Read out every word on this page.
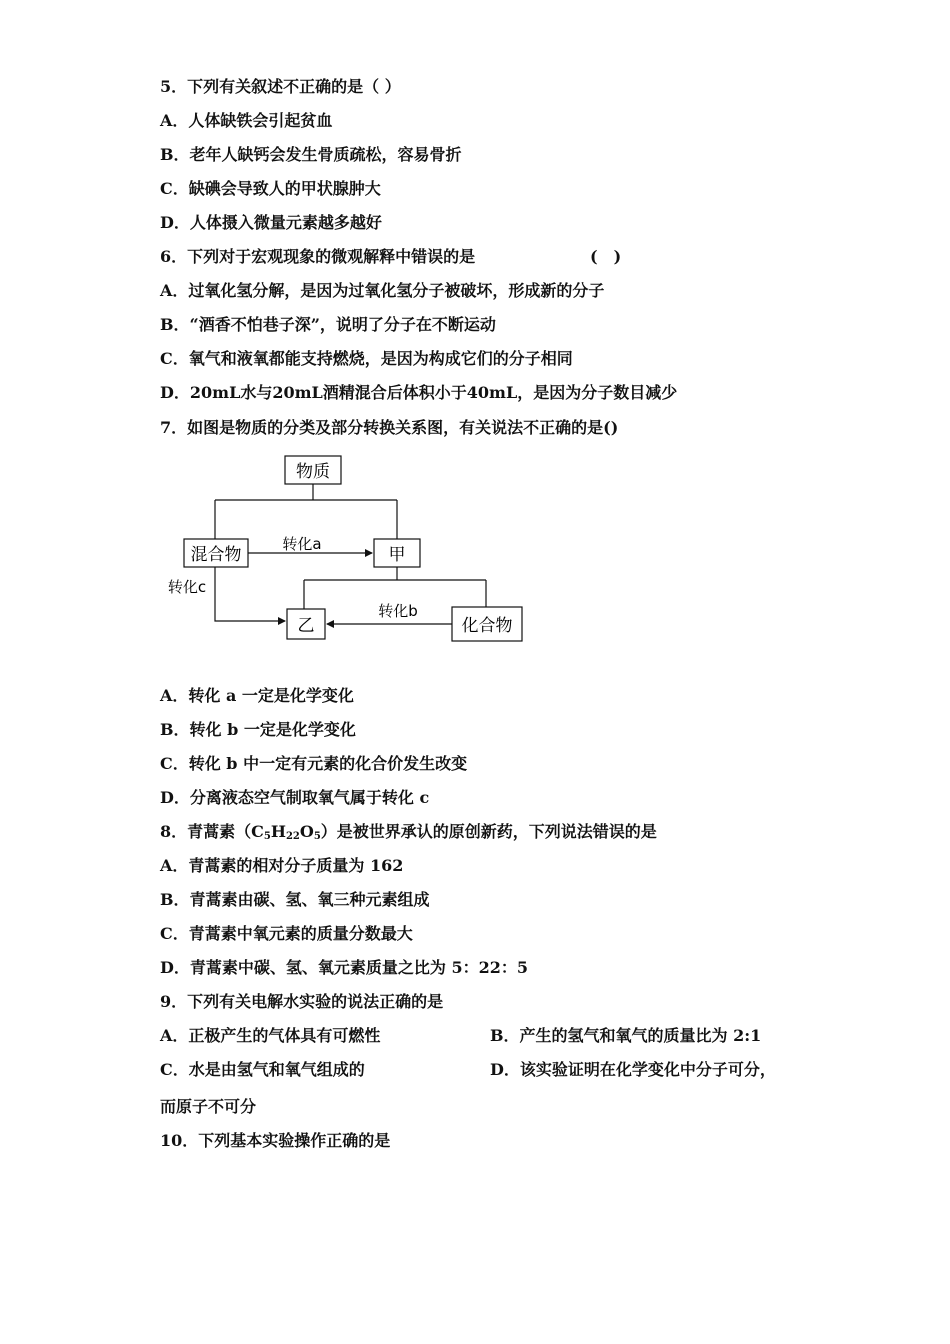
5．下列有关叙述不正确的是（ ）
A．人体缺铁会引起贫血
B．老年人缺钙会发生骨质疏松，容易骨折
C．缺碘会导致人的甲状腺肿大
D．人体摄入微量元素越多越好
6．下列对于宏观现象的微观解释中错误的是	(　)
A．过氧化氢分解，是因为过氧化氢分子被破坏，形成新的分子
B．“酒香不怕巷子深”，说明了分子在不断运动
C．氧气和液氧都能支持燃烧，是因为构成它们的分子相同
D．20mL水与20mL酒精混合后体积小于40mL，是因为分子数目减少
7．如图是物质的分类及部分转换关系图，有关说法不正确的是()
物质
混合物	甲
乙	化合物
转化a
转化b
转化c
A．转化 a 一定是化学变化
B．转化 b 一定是化学变化
C．转化 b 中一定有元素的化合价发生改变
D．分离液态空气制取氧气属于转化 c
8．青蒿素$(C_5H_{22}O_5)$是被世界承认的原创新药，下列说法错误的是
A．青蒿素的相对分子质量为 162
B．青蒿素由碳、氢、氧三种元素组成
C．青蒿素中氧元素的质量分数最大
D．青蒿素中碳、氢、氧元素质量之比为 5：22：5
9．下列有关电解水实验的说法正确的是
A．正极产生的气体具有可燃性	B．产生的氢气和氧气的质量比为 2:1
C．水是由氢气和氧气组成的	D．该实验证明在化学变化中分子可分，
而原子不可分
10．下列基本实验操作正确的是
